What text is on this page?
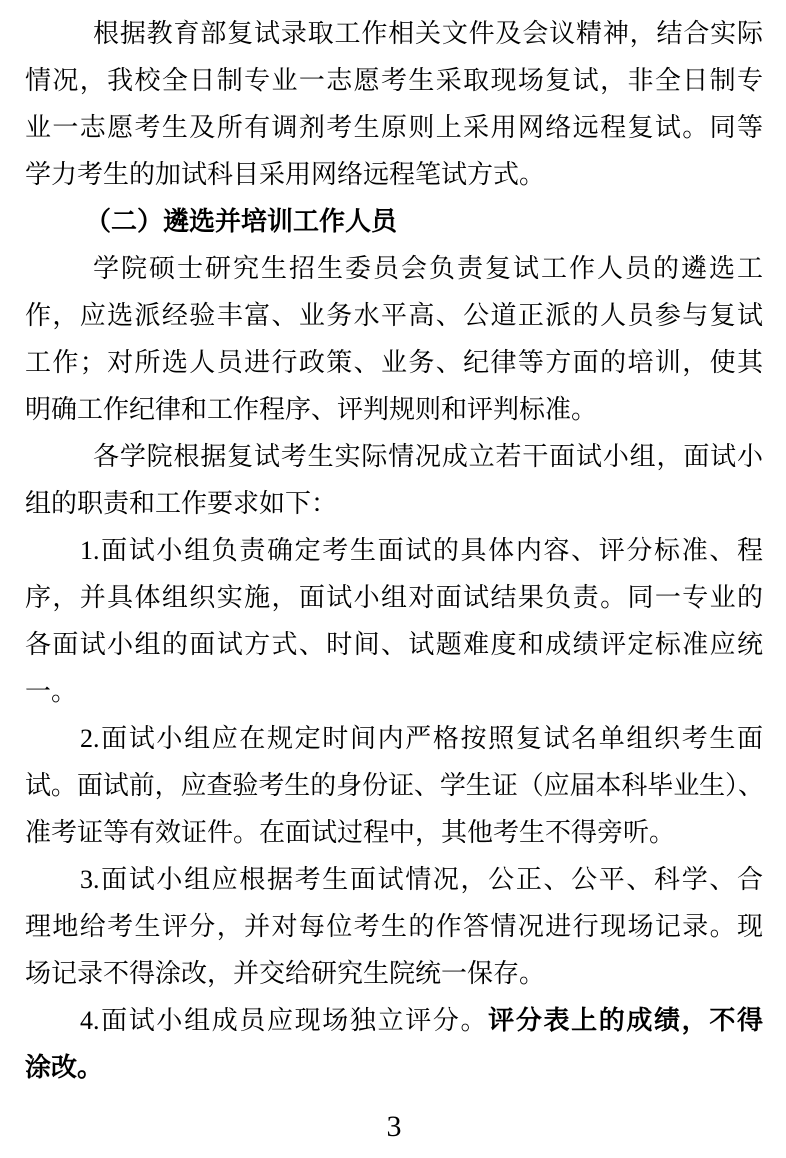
根据教育部复试录取工作相关文件及会议精神，结合实际
情况，我校全日制专业一志愿考生采取现场复试，非全日制专
业一志愿考生及所有调剂考生原则上采用网络远程复试。同等
学力考生的加试科目采用网络远程笔试方式。
（二）遴选并培训工作人员
学院硕士研究生招生委员会负责复试工作人员的遴选工
作，应选派经验丰富、业务水平高、公道正派的人员参与复试
工作；对所选人员进行政策、业务、纪律等方面的培训，使其
明确工作纪律和工作程序、评判规则和评判标准。
各学院根据复试考生实际情况成立若干面试小组，面试小
组的职责和工作要求如下：
1.面试小组负责确定考生面试的具体内容、评分标准、程
序，并具体组织实施，面试小组对面试结果负责。同一专业的
各面试小组的面试方式、时间、试题难度和成绩评定标准应统
一。
2.面试小组应在规定时间内严格按照复试名单组织考生面
试。面试前，应查验考生的身份证、学生证（应届本科毕业生）、
准考证等有效证件。在面试过程中，其他考生不得旁听。
3.面试小组应根据考生面试情况，公正、公平、科学、合
理地给考生评分，并对每位考生的作答情况进行现场记录。现
场记录不得涂改，并交给研究生院统一保存。
4.面试小组成员应现场独立评分。评分表上的成绩，不得
涂改。
3
